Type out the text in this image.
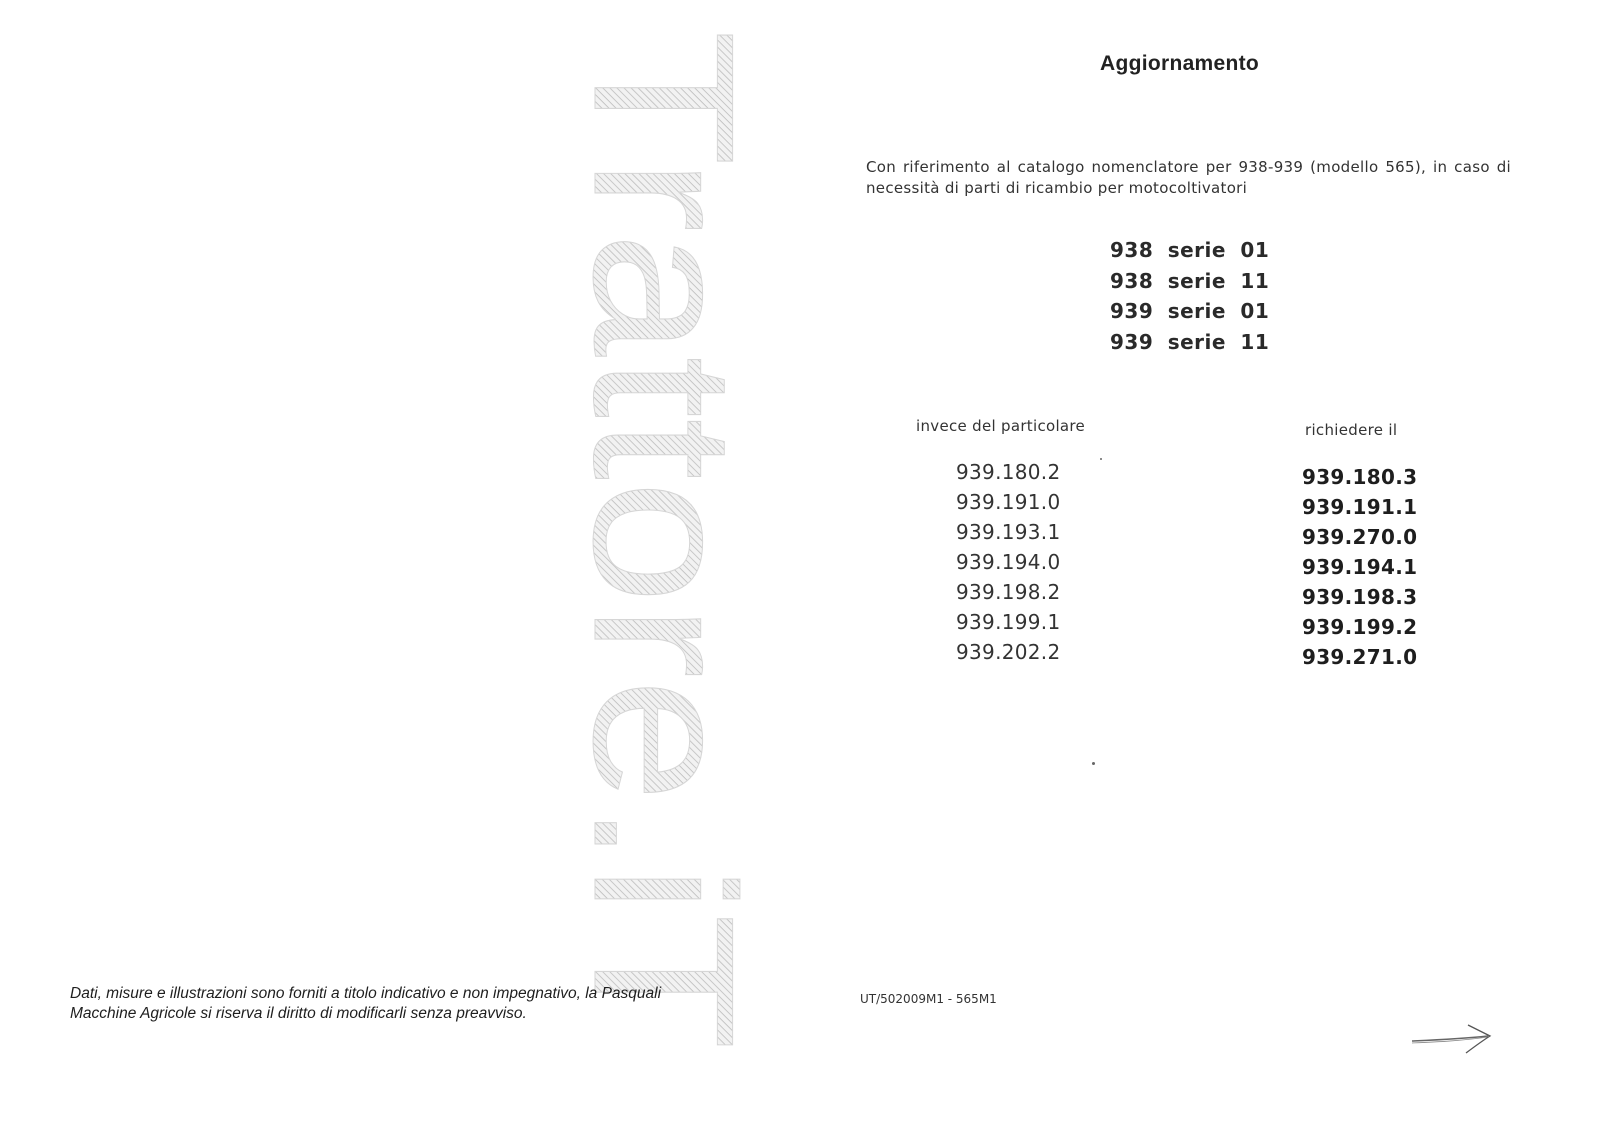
Trattore.iT
Dati, misure e illustrazioni sono forniti a titolo indicativo e non impegnativo, la Pasquali Macchine Agricole si riserva il diritto di modificarli senza preavviso.
Aggiornamento
Con riferimento al catalogo nomenclatore per 938-939 (modello 565), in caso di necessità di parti di ricambio per motocoltivatori
938 serie 01
938 serie 11
939 serie 01
939 serie 11
invece del particolare	richiedere il
939.180.2
939.191.0
939.193.1
939.194.0
939.198.2
939.199.1
939.202.2
939.180.3
939.191.1
939.270.0
939.194.1
939.198.3
939.199.2
939.271.0
UT/502009M1 - 565M1
